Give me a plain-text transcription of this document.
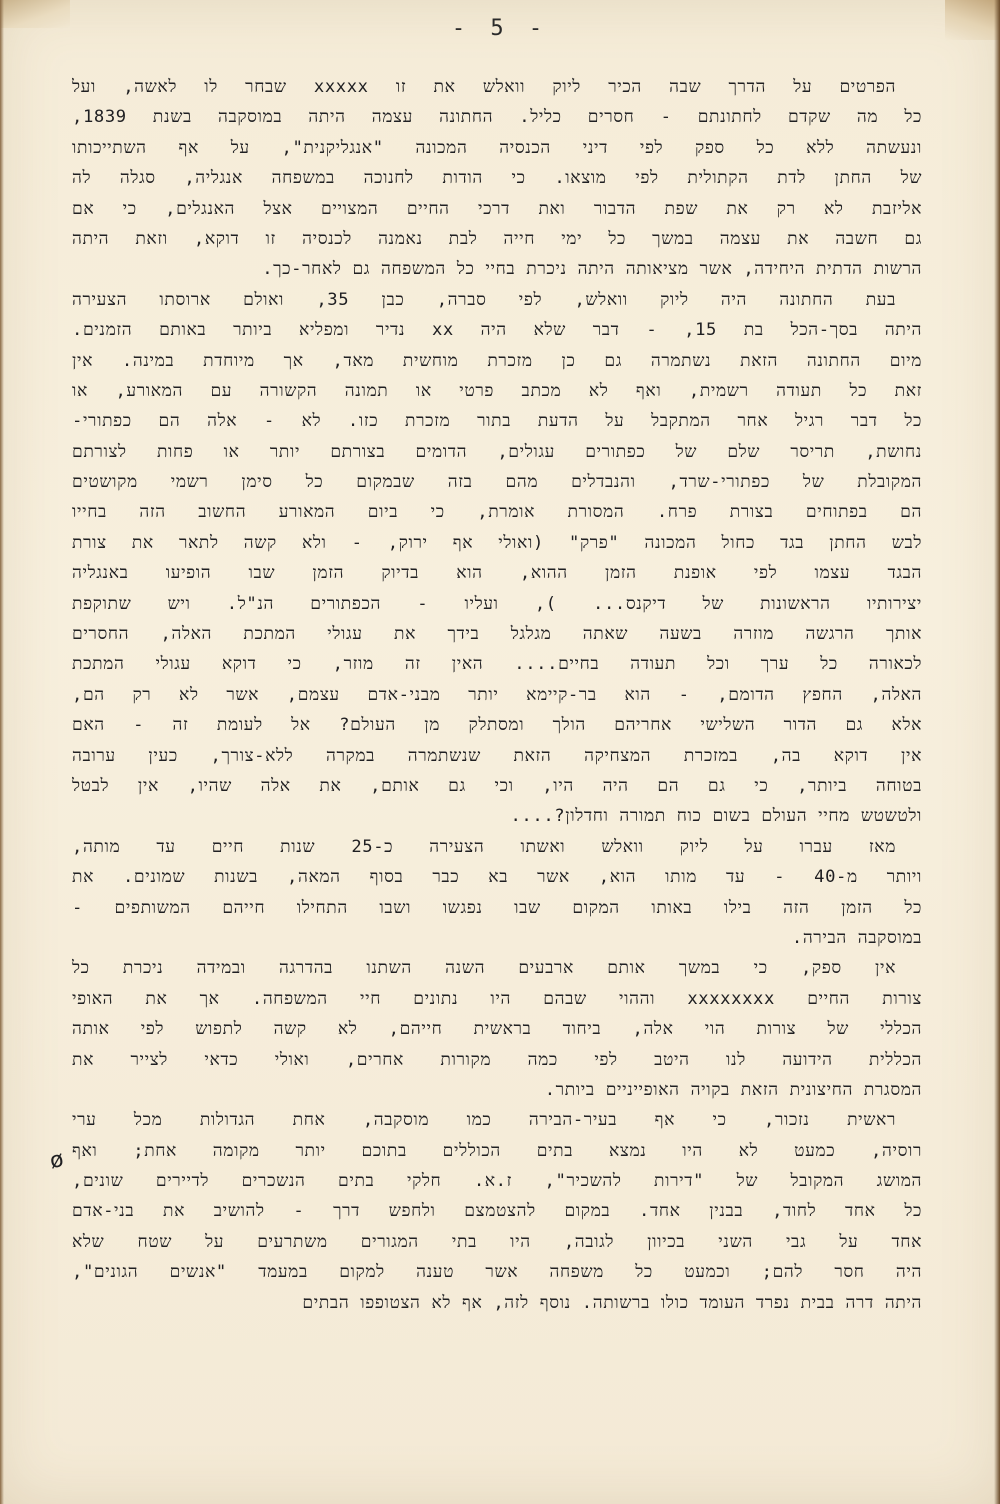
- 5 -
הפרטים על הדרך שבה הכיר ליוק וואלש את זו xxxxx שבחר לו לאשה, ועל
כל מה שקדם לחתונתם - חסרים כליל. החתונה עצמה היתה במוסקבה בשנת 1839,
ונעשתה ללא כל ספק לפי דיני הכנסיה המכונה "אנגליקנית", על אף השתייכותו
של החתן לדת הקתולית לפי מוצאו. כי הודות לחנוכה במשפחה אנגליה, סגלה לה
אליזבת לא רק את שפת הדבור ואת דרכי החיים המצויים אצל האנגלים, כי אם
גם חשבה את עצמה במשך כל ימי חייה לבת נאמנה לכנסיה זו דוקא, וזאת היתה
הרשות הדתית היחידה, אשר מציאותה היתה ניכרת בחיי כל המשפחה גם לאחר-כך.
בעת החתונה היה ליוק וואלש, לפי סברה, כבן 35, ואולם ארוסתו הצעירה
היתה בסך-הכל בת 15, - דבר שלא היה xx נדיר ומפליא ביותר באותם הזמנים.
מיום החתונה הזאת נשתמרה גם כן מזכרת מוחשית מאד, אך מיוחדת במינה. אין
זאת כל תעודה רשמית, ואף לא מכתב פרטי או תמונה הקשורה עם המאורע, או
כל דבר רגיל אחר המתקבל על הדעת בתור מזכרת כזו. לא - אלה הם כפתורי-
נחושת, תריסר שלם של כפתורים עגולים, הדומים בצורתם יותר או פחות לצורתם
המקובלת של כפתורי-שרד, והנבדלים מהם בזה שבמקום כל סימן רשמי מקושטים
הם בפתוחים בצורת פרח. המסורת אומרת, כי ביום המאורע החשוב הזה בחייו
לבש החתן בגד כחול המכונה "פרק" (ואולי אף ירוק, - ולא קשה לתאר את צורת
הבגד עצמו לפי אופנת הזמן ההוא, הוא בדיוק הזמן שבו הופיעו באנגליה
יצירותיו הראשונות של דיקנס... ), ועליו - הכפתורים הנ"ל. ויש שתוקפת
אותך הרגשה מוזרה בשעה שאתה מגלגל בידך את עגולי המתכת האלה, החסרים
לכאורה כל ערך וכל תעודה בחיים.... האין זה מוזר, כי דוקא עגולי המתכת
האלה, החפץ הדומם, - הוא בר-קיימא יותר מבני-אדם עצמם, אשר לא רק הם,
אלא גם הדור השלישי אחריהם הולך ומסתלק מן העולם? אל לעומת זה - האם
אין דוקא בה, במזכרת המצחיקה הזאת שנשתמרה במקרה ללא-צורך, כעין ערובה
בטוחה ביותר, כי גם הם היה היו, וכי גם אותם, את אלה שהיו, אין לבטל
ולטשטש מחיי העולם בשום כוח תמורה וחדלון?....
מאז עברו על ליוק וואלש ואשתו הצעירה כ-25 שנות חיים עד מותה,
ויותר מ-40 - עד מותו הוא, אשר בא כבר בסוף המאה, בשנות שמונים. את
כל הזמן הזה בילו באותו המקום שבו נפגשו ושבו התחילו חייהם המשותפים -
במוסקבה הבירה.
אין ספק, כי במשך אותם ארבעים השנה השתנו בהדרגה ובמידה ניכרת כל
צורות החיים xxxxxxxx וההוי שבהם היו נתונים חיי המשפחה. אך את האופי
הכללי של צורות הוי אלה, ביחוד בראשית חייהם, לא קשה לתפוש לפי אותה
הכללית הידועה לנו היטב לפי כמה מקורות אחרים, ואולי כדאי לצייר את
המסגרת החיצונית הזאת בקויה האופייניים ביותר.
ראשית נזכור, כי אף בעיר-הבירה כמו מוסקבה, אחת הגדולות מכל ערי
רוסיה, כמעט לא היו נמצא בתים הכוללים בתוכם יותר מקומה אחת; ואף
המושג המקובל של "דירות להשכיר", ז.א. חלקי בתים הנשכרים לדיירים שונים,
כל אחד לחוד, בבנין אחד. במקום להצטמצם ולחפש דרך - להושיב את בני-אדם
אחד על גבי השני בכיוון לגובה, היו בתי המגורים משתרעים על שטח שלא
היה חסר להם; וכמעט כל משפחה אשר טענה למקום במעמד "אנשים הגונים",
היתה דרה בבית נפרד העומד כולו ברשותה. נוסף לזה, אף לא הצטופפו הבתים
ø
